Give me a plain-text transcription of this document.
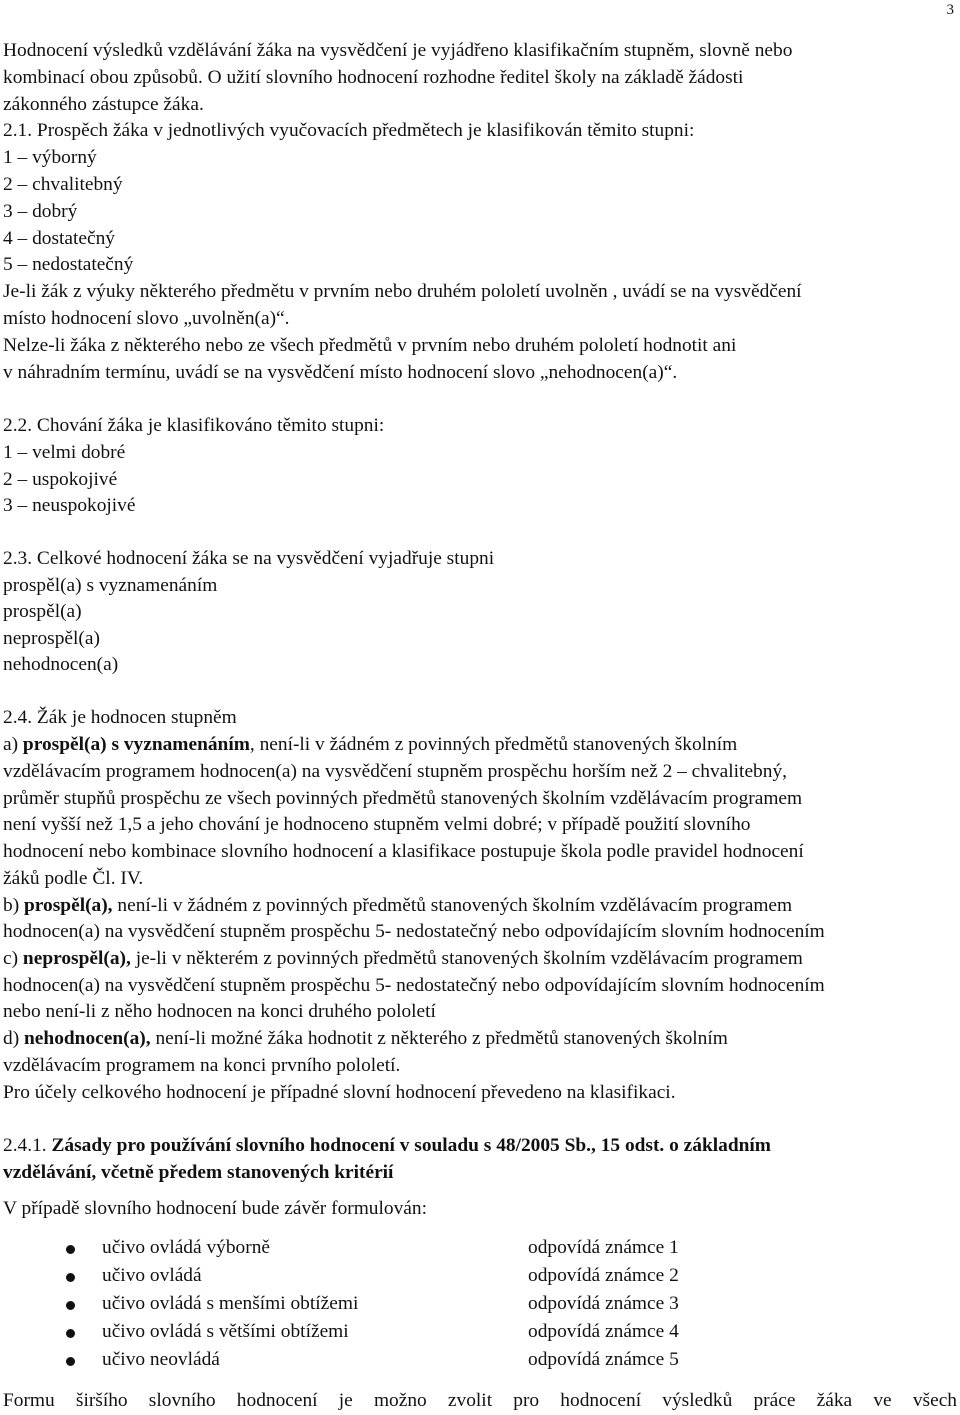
3
Hodnocení výsledků vzdělávání žáka na vysvědčení je vyjádřeno klasifikačním stupněm, slovně nebo
kombinací obou způsobů. O užití slovního hodnocení rozhodne ředitel školy na základě žádosti
zákonného zástupce žáka.
2.1. Prospěch žáka v jednotlivých vyučovacích předmětech je klasifikován těmito stupni:
1 – výborný
2 – chvalitebný
3 – dobrý
4 – dostatečný
5 – nedostatečný
Je-li žák z výuky některého předmětu v prvním nebo druhém pololetí uvolněn , uvádí se na vysvědčení
místo hodnocení slovo „uvolněn(a)“.
Nelze-li žáka z některého nebo ze všech předmětů v prvním nebo druhém pololetí hodnotit ani
v náhradním termínu, uvádí se na vysvědčení místo hodnocení slovo „nehodnocen(a)“.
2.2. Chování žáka je klasifikováno těmito stupni:
1 – velmi dobré
2 – uspokojivé
3 – neuspokojivé
2.3. Celkové hodnocení žáka se na vysvědčení vyjadřuje stupni
prospěl(a) s vyznamenáním
prospěl(a)
neprospěl(a)
nehodnocen(a)
2.4. Žák je hodnocen stupněm
a) prospěl(a) s vyznamenáním, není-li v žádném z povinných předmětů stanovených školním
vzdělávacím programem hodnocen(a) na vysvědčení stupněm prospěchu horším než 2 – chvalitebný,
průměr stupňů prospěchu ze všech povinných předmětů stanovených školním vzdělávacím programem
není vyšší než 1,5 a jeho chování je hodnoceno stupněm velmi dobré; v případě použití slovního
hodnocení nebo kombinace slovního hodnocení a klasifikace postupuje škola podle pravidel hodnocení
žáků podle Čl. IV.
b) prospěl(a), není-li v žádném z povinných předmětů stanovených školním vzdělávacím programem
hodnocen(a) na vysvědčení stupněm prospěchu 5- nedostatečný nebo odpovídajícím slovním hodnocením
c) neprospěl(a), je-li v některém z povinných předmětů stanovených školním vzdělávacím programem
hodnocen(a) na vysvědčení stupněm prospěchu 5- nedostatečný nebo odpovídajícím slovním hodnocením
nebo není-li z něho hodnocen na konci druhého pololetí
d) nehodnocen(a), není-li možné žáka hodnotit z některého z předmětů stanovených školním
vzdělávacím programem na konci prvního pololetí.
Pro účely celkového hodnocení je případné slovní hodnocení převedeno na klasifikaci.
2.4.1. Zásady pro používání slovního hodnocení v souladu s 48/2005 Sb., 15 odst. o základním
vzdělávání, včetně předem stanovených kritérií
V případě slovního hodnocení bude závěr formulován:
učivo ovládá výborně	odpovídá známce 1
učivo ovládá	odpovídá známce 2
učivo ovládá s menšími obtížemi	odpovídá známce 3
učivo ovládá s většími obtížemi	odpovídá známce 4
učivo neovládá	odpovídá známce 5
Formu širšího slovního hodnocení je možno zvolit pro hodnocení výsledků práce žáka ve všech
